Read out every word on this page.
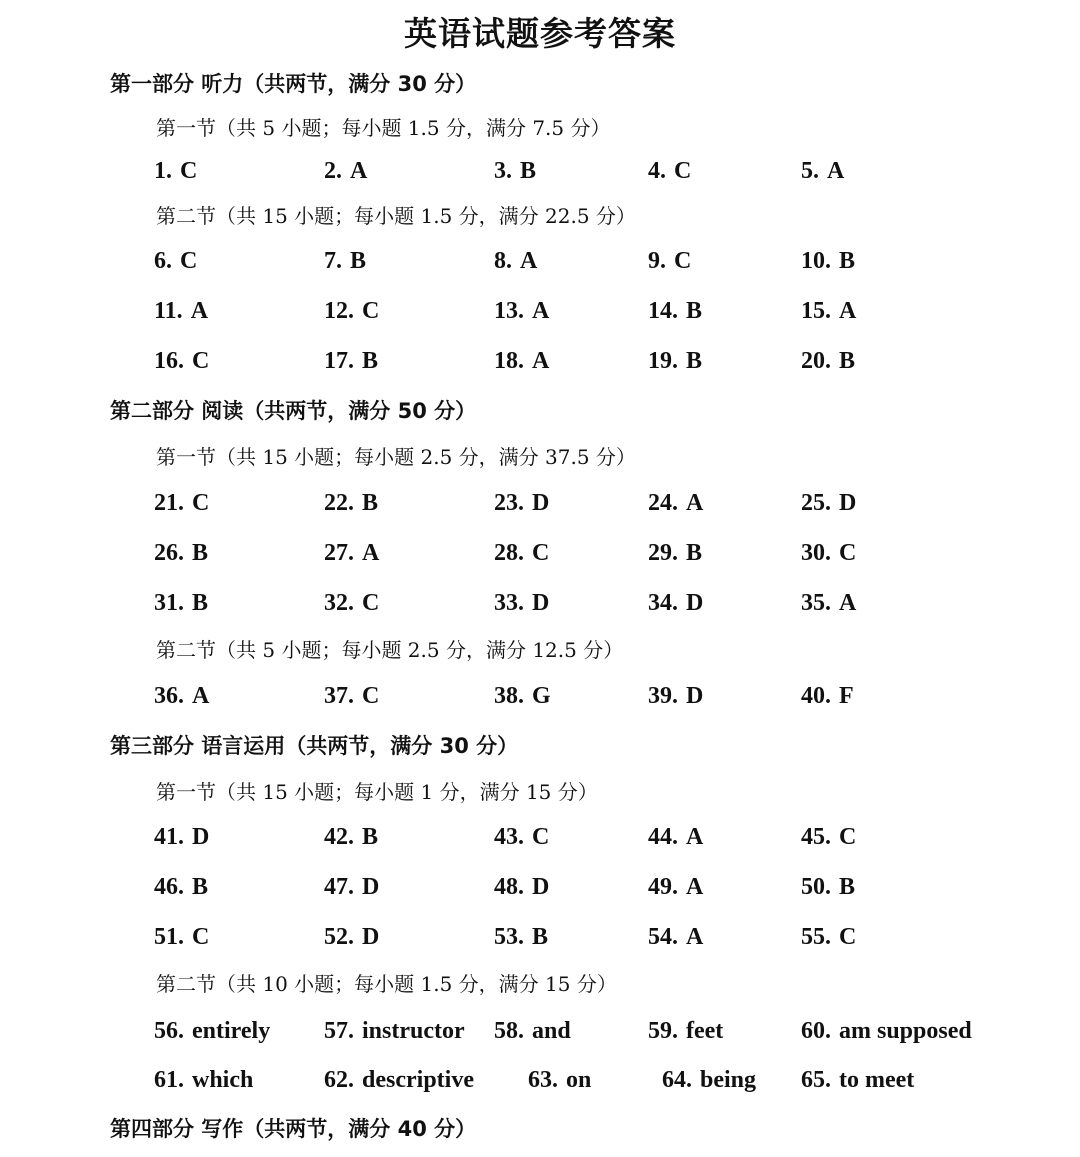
英语试题参考答案
第一部分 听力（共两节，满分 30 分）
第一节（共 5 小题；每小题 1.5 分，满分 7.5 分）
1. C	2. A	3. B	4. C	5. A
第二节（共 15 小题；每小题 1.5 分，满分 22.5 分）
6. C	7. B	8. A	9. C	10. B
11. A	12. C	13. A	14. B	15. A
16. C	17. B	18. A	19. B	20. B
第二部分 阅读（共两节，满分 50 分）
第一节（共 15 小题；每小题 2.5 分，满分 37.5 分）
21. C	22. B	23. D	24. A	25. D
26. B	27. A	28. C	29. B	30. C
31. B	32. C	33. D	34. D	35. A
第二节（共 5 小题；每小题 2.5 分，满分 12.5 分）
36. A	37. C	38. G	39. D	40. F
第三部分 语言运用（共两节，满分 30 分）
第一节（共 15 小题；每小题 1 分，满分 15 分）
41. D	42. B	43. C	44. A	45. C
46. B	47. D	48. D	49. A	50. B
51. C	52. D	53. B	54. A	55. C
第二节（共 10 小题；每小题 1.5 分，满分 15 分）
56. entirely 57. instructor 58. and	59. feet	60. am supposed
61. which	62. descriptive 63. on	64. being 65. to meet
第四部分 写作（共两节，满分 40 分）
